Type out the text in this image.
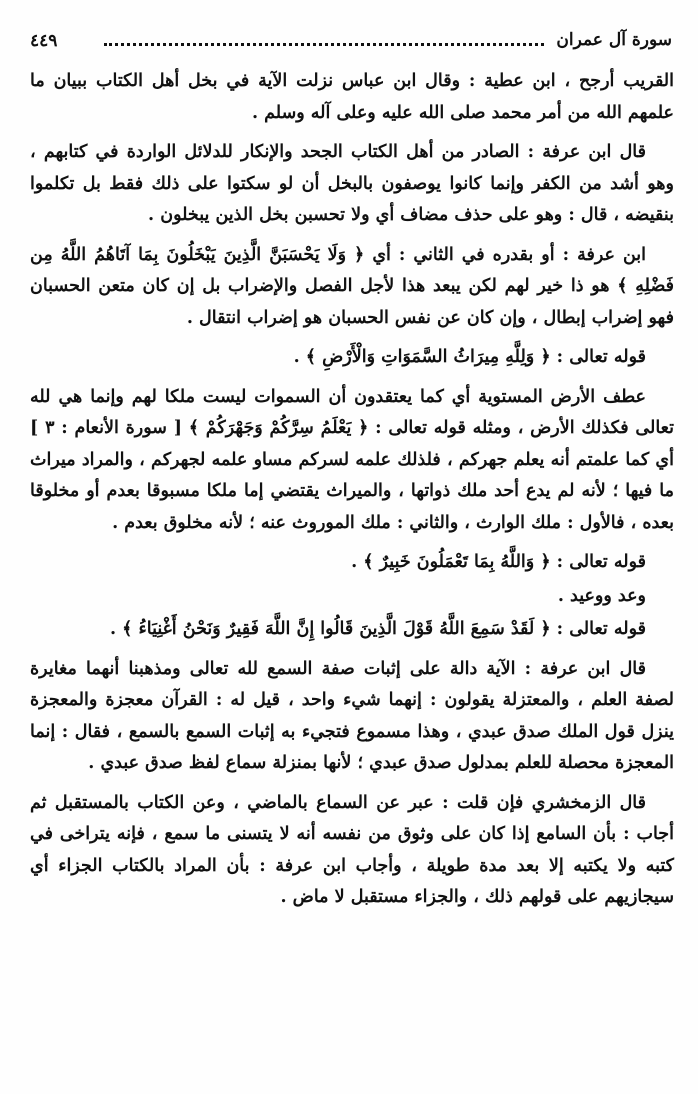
سورة آل عمران
٤٤٩

القريب أرجح ، ابن عطية : وقال ابن عباس نزلت الآية في بخل أهل الكتاب ببيان ما علمهم الله من أمر محمد صلى الله عليه وعلى آله وسلم .

قال ابن عرفة : الصادر من أهل الكتاب الجحد والإنكار للدلائل الواردة في كتابهم ، وهو أشد من الكفر وإنما كانوا يوصفون بالبخل أن لو سكتوا على ذلك فقط بل تكلموا بنقيضه ، قال : وهو على حذف مضاف أي ولا تحسبن بخل الذين يبخلون .

ابن عرفة : أو بقدره في الثاني : أي ﴿ وَلَا يَحْسَبَنَّ الَّذِينَ يَبْخَلُونَ بِمَا آتَاهُمُ اللَّهُ مِن فَضْلِهِ ﴾ هو ذا خير لهم لكن يبعد هذا لأجل الفصل والإضراب بل إن كان متعن الحسبان فهو إضراب إبطال ، وإن كان عن نفس الحسبان هو إضراب انتقال .

قوله تعالى : ﴿ وَلِلَّهِ مِيرَاثُ السَّمَوَاتِ وَالْأَرْضِ ﴾ .

عطف الأرض المستوية أي كما يعتقدون أن السموات ليست ملكا لهم وإنما هي لله تعالى فكذلك الأرض ، ومثله قوله تعالى : ﴿ يَعْلَمُ سِرَّكُمْ وَجَهْرَكُمْ ﴾ [ سورة الأنعام : ٣ ] أي كما علمتم أنه يعلم جهركم ، فلذلك علمه لسركم مساو علمه لجهركم ، والمراد ميراث ما فيها ؛ لأنه لم يدع أحد ملك ذواتها ، والميراث يقتضي إما ملكا مسبوقا بعدم أو مخلوقا بعده ، فالأول : ملك الوارث ، والثاني : ملك الموروث عنه ؛ لأنه مخلوق بعدم .

قوله تعالى : ﴿ وَاللَّهُ بِمَا تَعْمَلُونَ خَبِيرٌ ﴾ .

وعد ووعيد .

قوله تعالى : ﴿ لَقَدْ سَمِعَ اللَّهُ قَوْلَ الَّذِينَ قَالُوا إِنَّ اللَّهَ فَقِيرٌ وَنَحْنُ أَغْنِيَاءُ ﴾ .

قال ابن عرفة : الآية دالة على إثبات صفة السمع لله تعالى ومذهبنا أنهما مغايرة لصفة العلم ، والمعتزلة يقولون : إنهما شيء واحد ، قيل له : القرآن معجزة والمعجزة ينزل قول الملك صدق عبدي ، وهذا مسموع فتجيء به إثبات السمع بالسمع ، فقال : إنما المعجزة محصلة للعلم بمدلول صدق عبدي ؛ لأنها بمنزلة سماع لفظ صدق عبدي .

قال الزمخشري فإن قلت : عبر عن السماع بالماضي ، وعن الكتاب بالمستقبل ثم أجاب : بأن السامع إذا كان على وثوق من نفسه أنه لا يتسنى ما سمع ، فإنه يتراخى في كتبه ولا يكتبه إلا بعد مدة طويلة ، وأجاب ابن عرفة : بأن المراد بالكتاب الجزاء أي سيجازيهم على قولهم ذلك ، والجزاء مستقبل لا ماض .
